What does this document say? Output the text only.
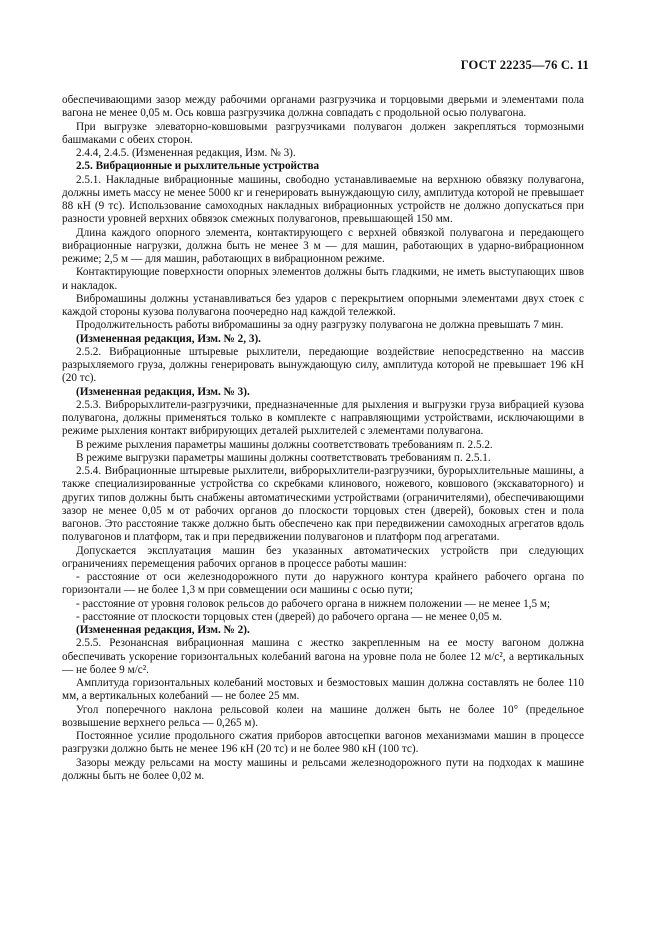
ГОСТ 22235—76 С. 11

обеспечивающими зазор между рабочими органами разгрузчика и торцовыми дверьми и элементами пола вагона не менее 0,05 м. Ось ковша разгрузчика должна совпадать с продольной осью полувагона.

При выгрузке элеваторно-ковшовыми разгрузчиками полувагон должен закрепляться тормозными башмаками с обеих сторон.

2.4.4, 2.4.5. (Измененная редакция, Изм. № 3).

2.5. Вибрационные и рыхлительные устройства

2.5.1. Накладные вибрационные машины, свободно устанавливаемые на верхнюю обвязку полувагона, должны иметь массу не менее 5000 кг и генерировать вынуждающую силу, амплитуда которой не превышает 88 кН (9 тс). Использование самоходных накладных вибрационных устройств не должно допускаться при разности уровней верхних обвязок смежных полувагонов, превышающей 150 мм.

Длина каждого опорного элемента, контактирующего с верхней обвязкой полувагона и передающего вибрационные нагрузки, должна быть не менее 3 м — для машин, работающих в ударно-вибрационном режиме; 2,5 м — для машин, работающих в вибрационном режиме.

Контактирующие поверхности опорных элементов должны быть гладкими, не иметь выступающих швов и накладок.

Вибромашины должны устанавливаться без ударов с перекрытием опорными элементами двух стоек с каждой стороны кузова полувагона поочередно над каждой тележкой.

Продолжительность работы вибромашины за одну разгрузку полувагона не должна превышать 7 мин.

(Измененная редакция, Изм. № 2, 3).

2.5.2. Вибрационные штыревые рыхлители, передающие воздействие непосредственно на массив разрыхляемого груза, должны генерировать вынуждающую силу, амплитуда которой не превышает 196 кН (20 тс).

(Измененная редакция, Изм. № 3).

2.5.3. Виброрыхлители-разгрузчики, предназначенные для рыхления и выгрузки груза вибрацией кузова полувагона, должны применяться только в комплекте с направляющими устройствами, исключающими в режиме рыхления контакт вибрирующих деталей рыхлителей с элементами полувагона.

В режиме рыхления параметры машины должны соответствовать требованиям п. 2.5.2.

В режиме выгрузки параметры машины должны соответствовать требованиям п. 2.5.1.

2.5.4. Вибрационные штыревые рыхлители, виброрыхлители-разгрузчики, бурорыхлительные машины, а также специализированные устройства со скребками клинового, ножевого, ковшового (экскаваторного) и других типов должны быть снабжены автоматическими устройствами (ограничителями), обеспечивающими зазор не менее 0,05 м от рабочих органов до плоскости торцовых стен (дверей), боковых стен и пола вагонов. Это расстояние также должно быть обеспечено как при передвижении самоходных агрегатов вдоль полувагонов и платформ, так и при передвижении полувагонов и платформ под агрегатами.

Допускается эксплуатация машин без указанных автоматических устройств при следующих ограничениях перемещения рабочих органов в процессе работы машин:

- расстояние от оси железнодорожного пути до наружного контура крайнего рабочего органа по горизонтали — не более 1,3 м при совмещении оси машины с осью пути;

- расстояние от уровня головок рельсов до рабочего органа в нижнем положении — не менее 1,5 м;

- расстояние от плоскости торцовых стен (дверей) до рабочего органа — не менее 0,05 м.

(Измененная редакция, Изм. № 2).

2.5.5. Резонансная вибрационная машина с жестко закрепленным на ее мосту вагоном должна обеспечивать ускорение горизонтальных колебаний вагона на уровне пола не более 12 м/с², а вертикальных — не более 9 м/с².

Амплитуда горизонтальных колебаний мостовых и безмостовых машин должна составлять не более 110 мм, а вертикальных колебаний — не более 25 мм.

Угол поперечного наклона рельсовой колеи на машине должен быть не более 10° (предельное возвышение верхнего рельса — 0,265 м).

Постоянное усилие продольного сжатия приборов автосцепки вагонов механизмами машин в процессе разгрузки должно быть не менее 196 кН (20 тс) и не более 980 кН (100 тс).

Зазоры между рельсами на мосту машины и рельсами железнодорожного пути на подходах к машине должны быть не более 0,02 м.
